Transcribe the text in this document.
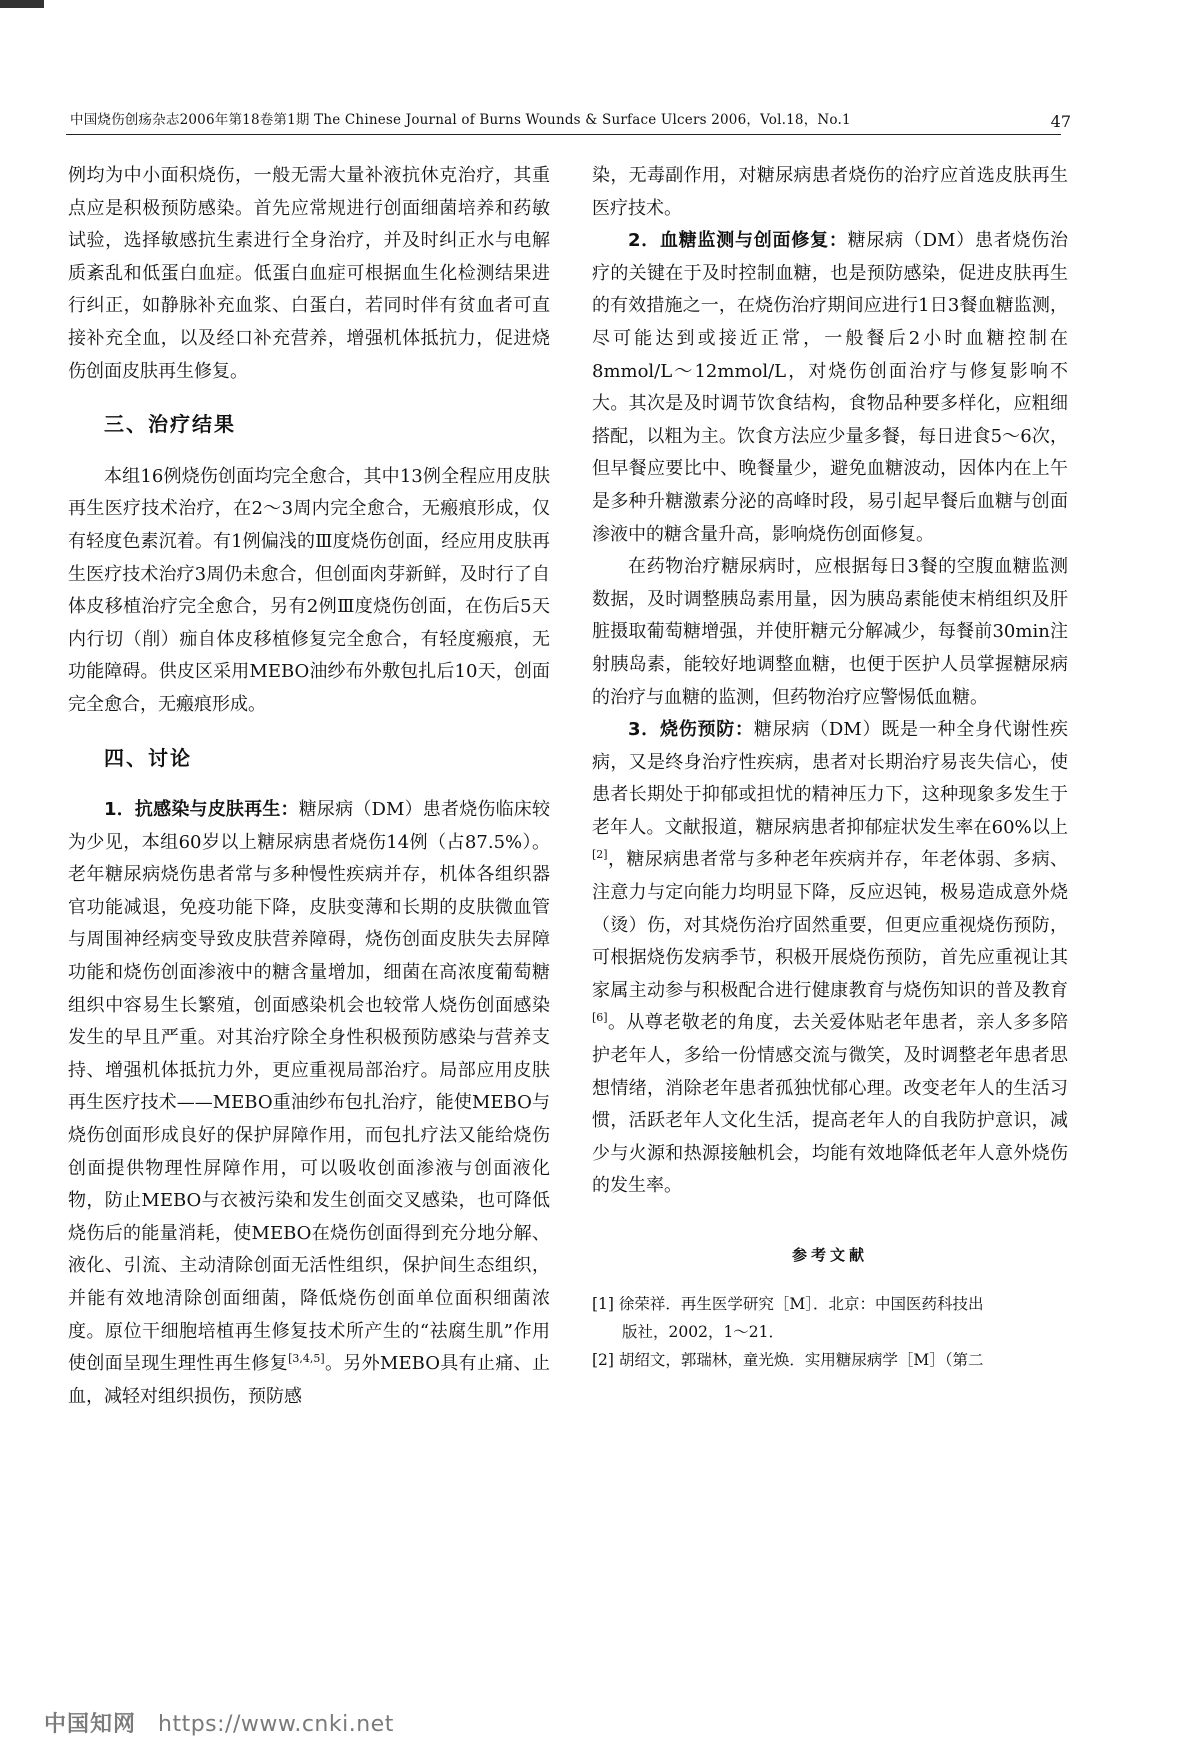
中国烧伤创疡杂志2006年第18卷第1期 The Chinese Journal of Burns Wounds & Surface Ulcers 2006，Vol.18，No.1	47

例均为中小面积烧伤，一般无需大量补液抗休克治疗，其重点应是积极预防感染。首先应常规进行创面细菌培养和药敏试验，选择敏感抗生素进行全身治疗，并及时纠正水与电解质紊乱和低蛋白血症。低蛋白血症可根据血生化检测结果进行纠正，如静脉补充血浆、白蛋白，若同时伴有贫血者可直接补充全血，以及经口补充营养，增强机体抵抗力，促进烧伤创面皮肤再生修复。

三、治疗结果

本组16例烧伤创面均完全愈合，其中13例全程应用皮肤再生医疗技术治疗，在2～3周内完全愈合，无瘢痕形成，仅有轻度色素沉着。有1例偏浅的Ⅲ度烧伤创面，经应用皮肤再生医疗技术治疗3周仍未愈合，但创面肉芽新鲜，及时行了自体皮移植治疗完全愈合，另有2例Ⅲ度烧伤创面，在伤后5天内行切（削）痂自体皮移植修复完全愈合，有轻度瘢痕，无功能障碍。供皮区采用MEBO油纱布外敷包扎后10天，创面完全愈合，无瘢痕形成。

四、讨论

1．抗感染与皮肤再生：糖尿病（DM）患者烧伤临床较为少见，本组60岁以上糖尿病患者烧伤14例（占87.5%）。老年糖尿病烧伤患者常与多种慢性疾病并存，机体各组织器官功能减退，免疫功能下降，皮肤变薄和长期的皮肤微血管与周围神经病变导致皮肤营养障碍，烧伤创面皮肤失去屏障功能和烧伤创面渗液中的糖含量增加，细菌在高浓度葡萄糖组织中容易生长繁殖，创面感染机会也较常人烧伤创面感染发生的早且严重。对其治疗除全身性积极预防感染与营养支持、增强机体抵抗力外，更应重视局部治疗。局部应用皮肤再生医疗技术——MEBO重油纱布包扎治疗，能使MEBO与烧伤创面形成良好的保护屏障作用，而包扎疗法又能给烧伤创面提供物理性屏障作用，可以吸收创面渗液与创面液化物，防止MEBO与衣被污染和发生创面交叉感染，也可降低烧伤后的能量消耗，使MEBO在烧伤创面得到充分地分解、液化、引流、主动清除创面无活性组织，保护间生态组织，并能有效地清除创面细菌，降低烧伤创面单位面积细菌浓度。原位干细胞培植再生修复技术所产生的“祛腐生肌”作用使创面呈现生理性再生修复[3,4,5]。另外MEBO具有止痛、止血，减轻对组织损伤，预防感

染，无毒副作用，对糖尿病患者烧伤的治疗应首选皮肤再生医疗技术。

2．血糖监测与创面修复：糖尿病（DM）患者烧伤治疗的关键在于及时控制血糖，也是预防感染，促进皮肤再生的有效措施之一，在烧伤治疗期间应进行1日3餐血糖监测，尽可能达到或接近正常，一般餐后2小时血糖控制在8mmol/L～12mmol/L，对烧伤创面治疗与修复影响不大。其次是及时调节饮食结构，食物品种要多样化，应粗细搭配，以粗为主。饮食方法应少量多餐，每日进食5～6次，但早餐应要比中、晚餐量少，避免血糖波动，因体内在上午是多种升糖激素分泌的高峰时段，易引起早餐后血糖与创面渗液中的糖含量升高，影响烧伤创面修复。

在药物治疗糖尿病时，应根据每日3餐的空腹血糖监测数据，及时调整胰岛素用量，因为胰岛素能使末梢组织及肝脏摄取葡萄糖增强，并使肝糖元分解减少，每餐前30min注射胰岛素，能较好地调整血糖，也便于医护人员掌握糖尿病的治疗与血糖的监测，但药物治疗应警惕低血糖。

3．烧伤预防：糖尿病（DM）既是一种全身代谢性疾病，又是终身治疗性疾病，患者对长期治疗易丧失信心，使患者长期处于抑郁或担忧的精神压力下，这种现象多发生于老年人。文献报道，糖尿病患者抑郁症状发生率在60%以上[2]，糖尿病患者常与多种老年疾病并存，年老体弱、多病、注意力与定向能力均明显下降，反应迟钝，极易造成意外烧（烫）伤，对其烧伤治疗固然重要，但更应重视烧伤预防，可根据烧伤发病季节，积极开展烧伤预防，首先应重视让其家属主动参与积极配合进行健康教育与烧伤知识的普及教育[6]。从尊老敬老的角度，去关爱体贴老年患者，亲人多多陪护老年人，多给一份情感交流与微笑，及时调整老年患者思想情绪，消除老年患者孤独忧郁心理。改变老年人的生活习惯，活跃老年人文化生活，提高老年人的自我防护意识，减少与火源和热源接触机会，均能有效地降低老年人意外烧伤的发生率。

参考文献
[1] 徐荣祥．再生医学研究［M］．北京：中国医药科技出
版社，2002，1～21．
[2] 胡绍文，郭瑞林，童光焕．实用糖尿病学［M］（第二
中国知网 https://www.cnki.net
